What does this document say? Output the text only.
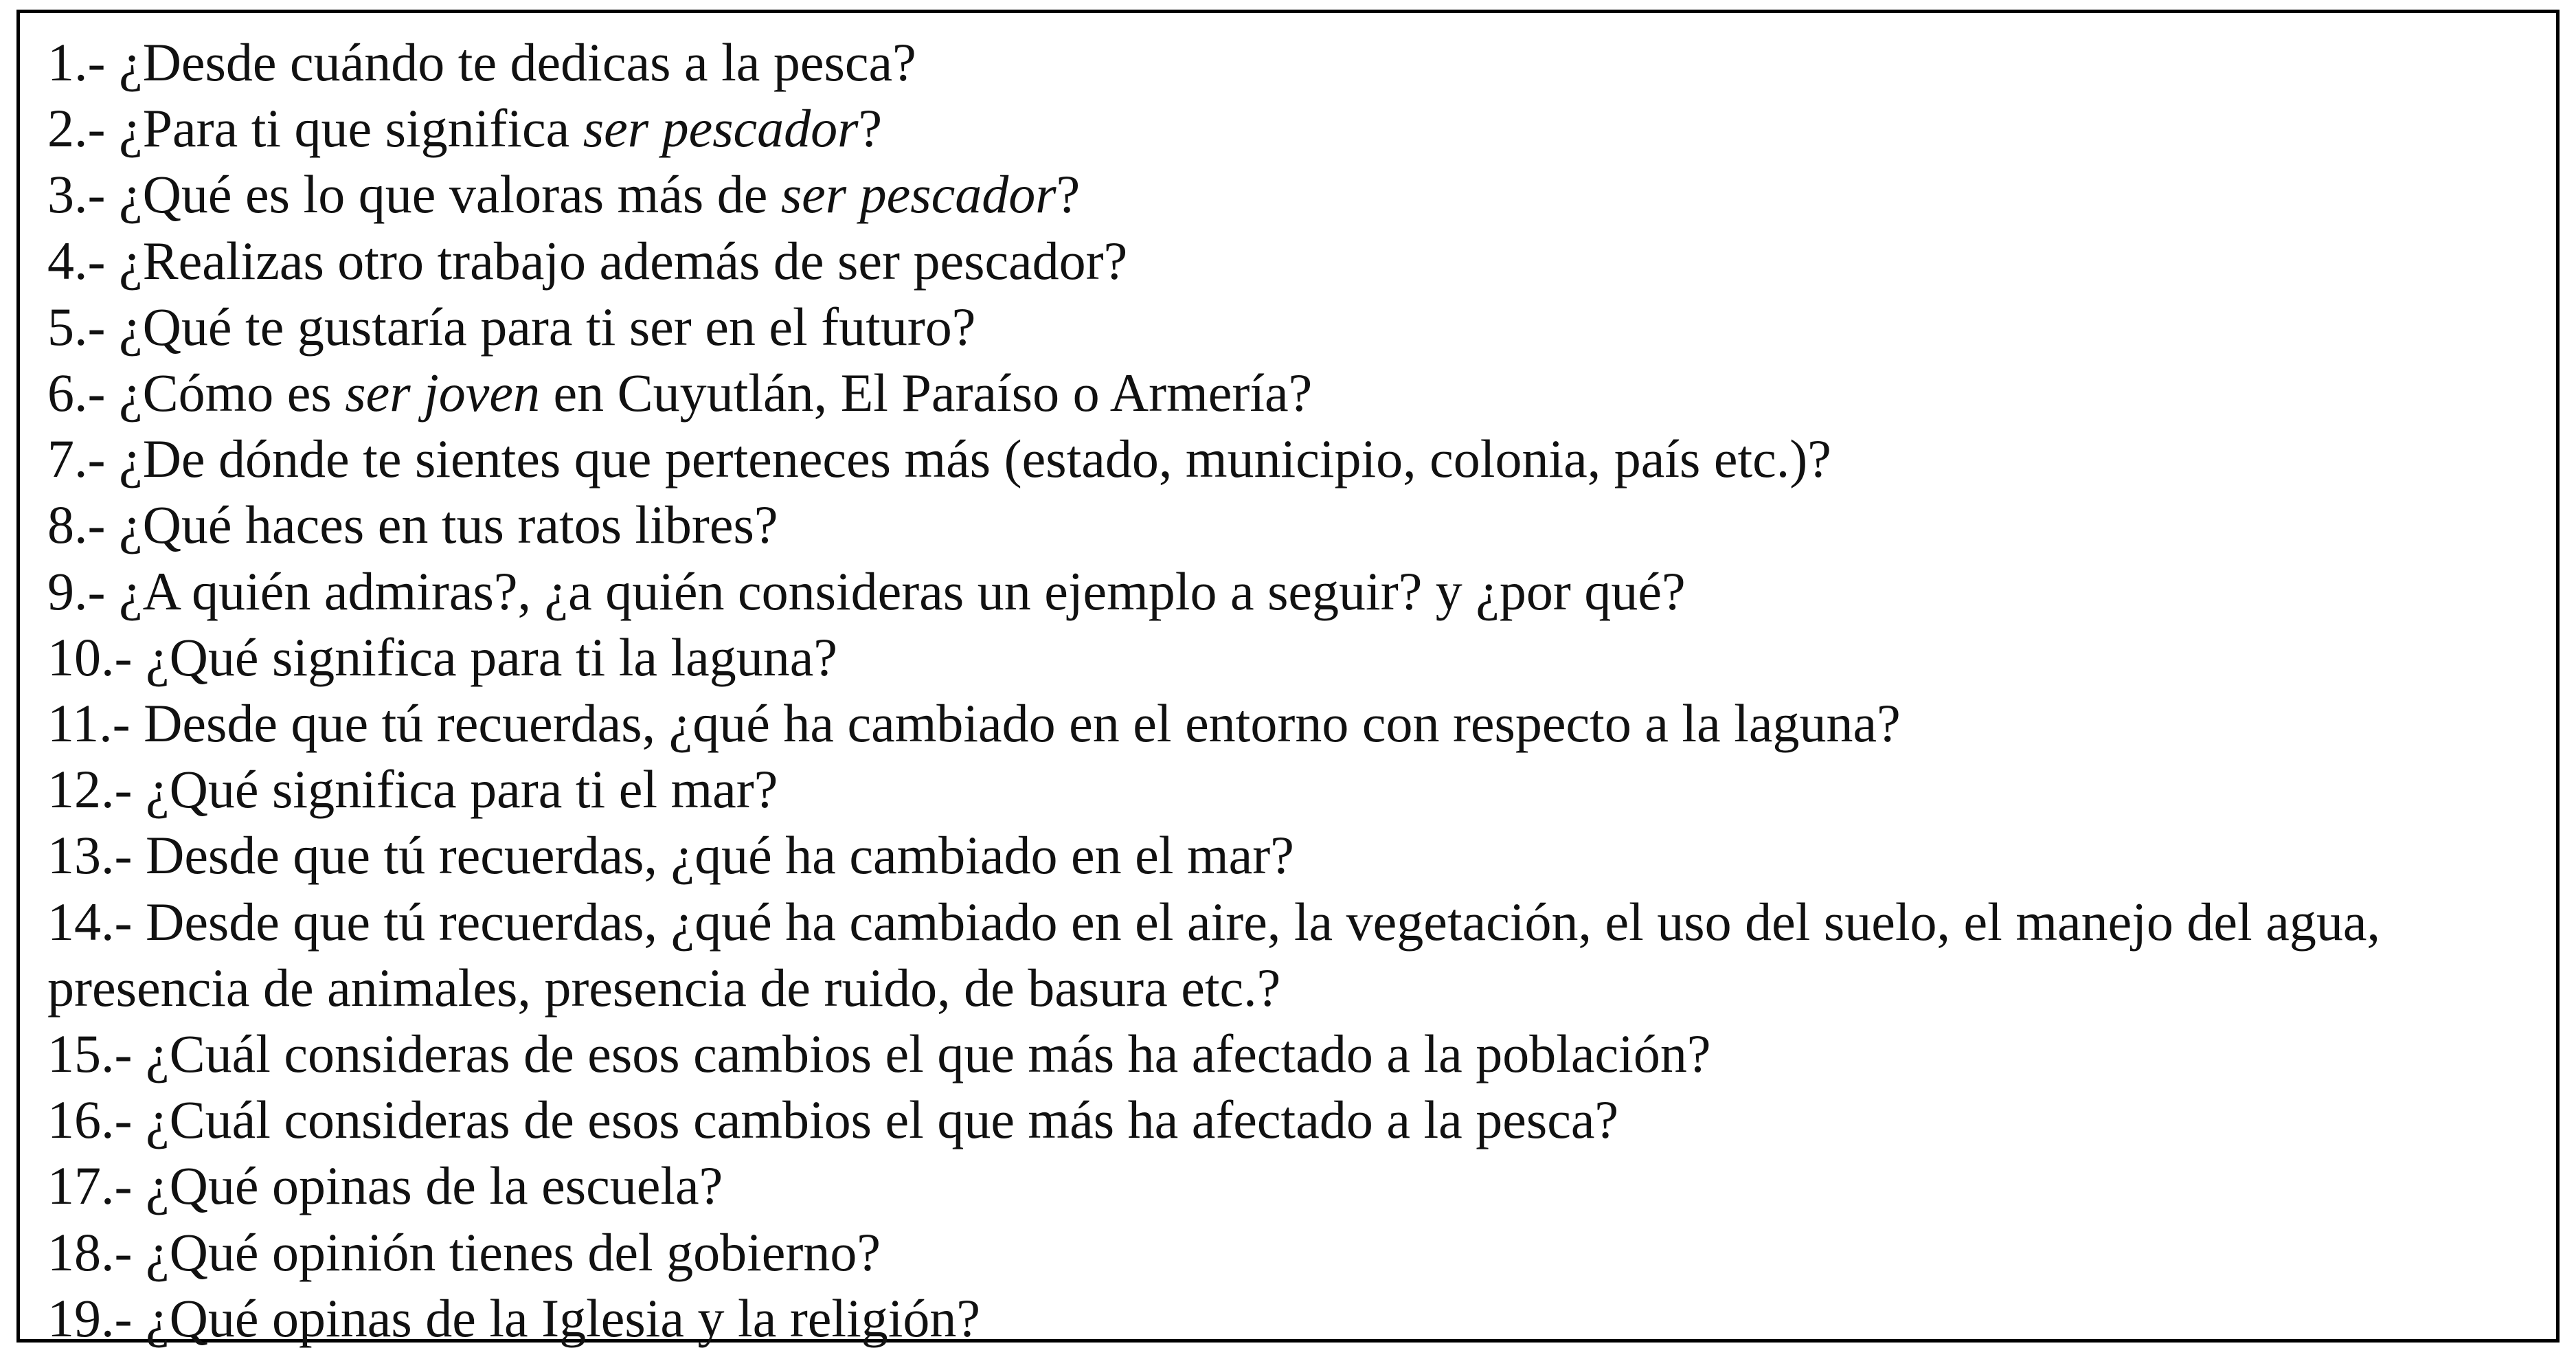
1.- ¿Desde cuándo te dedicas a la pesca?
2.- ¿Para ti que significa ser pescador?
3.- ¿Qué es lo que valoras más de ser pescador?
4.- ¿Realizas otro trabajo además de ser pescador?
5.- ¿Qué te gustaría para ti ser en el futuro?
6.- ¿Cómo es ser joven en Cuyutlán, El Paraíso o Armería?
7.- ¿De dónde te sientes que perteneces más (estado, municipio, colonia, país etc.)?
8.- ¿Qué haces en tus ratos libres?
9.- ¿A quién admiras?, ¿a quién consideras un ejemplo a seguir? y ¿por qué?
10.- ¿Qué significa para ti la laguna?
11.- Desde que tú recuerdas, ¿qué ha cambiado en el entorno con respecto a la laguna?
12.- ¿Qué significa para ti el mar?
13.- Desde que tú recuerdas, ¿qué ha cambiado en el mar?
14.- Desde que tú recuerdas, ¿qué ha cambiado en el aire, la vegetación, el uso del suelo, el manejo del agua, presencia de animales, presencia de ruido, de basura etc.?
15.- ¿Cuál consideras de esos cambios el que más ha afectado a la población?
16.- ¿Cuál consideras de esos cambios el que más ha afectado a la pesca?
17.- ¿Qué opinas de la escuela?
18.- ¿Qué opinión tienes del gobierno?
19.- ¿Qué opinas de la Iglesia y la religión?
